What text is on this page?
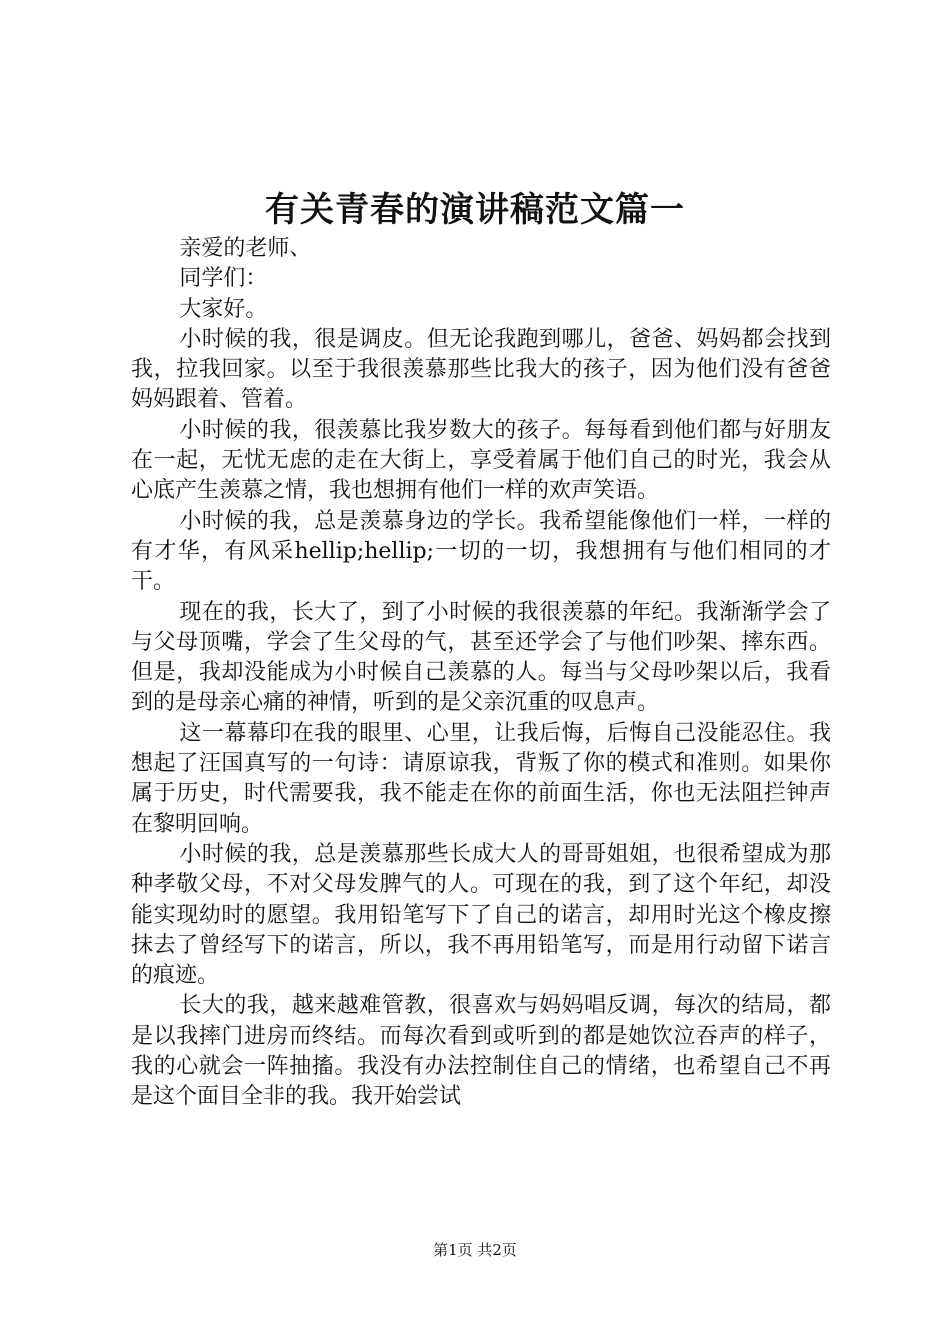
有关青春的演讲稿范文篇一

亲爱的老师、

同学们：

大家好。

小时候的我，很是调皮。但无论我跑到哪儿，爸爸、妈妈都会找到我，拉我回家。以至于我很羡慕那些比我大的孩子，因为他们没有爸爸妈妈跟着、管着。

小时候的我，很羡慕比我岁数大的孩子。每每看到他们都与好朋友在一起，无忧无虑的走在大街上，享受着属于他们自己的时光，我会从心底产生羡慕之情，我也想拥有他们一样的欢声笑语。

小时候的我，总是羡慕身边的学长。我希望能像他们一样，一样的有才华，有风采hellip;hellip;一切的一切，我想拥有与他们相同的才干。

现在的我，长大了，到了小时候的我很羡慕的年纪。我渐渐学会了与父母顶嘴，学会了生父母的气，甚至还学会了与他们吵架、摔东西。但是，我却没能成为小时候自己羡慕的人。每当与父母吵架以后，我看到的是母亲心痛的神情，听到的是父亲沉重的叹息声。

这一幕幕印在我的眼里、心里，让我后悔，后悔自己没能忍住。我想起了汪国真写的一句诗：请原谅我，背叛了你的模式和准则。如果你属于历史，时代需要我，我不能走在你的前面生活，你也无法阻拦钟声在黎明回响。

小时候的我，总是羡慕那些长成大人的哥哥姐姐，也很希望成为那种孝敬父母，不对父母发脾气的人。可现在的我，到了这个年纪，却没能实现幼时的愿望。我用铅笔写下了自己的诺言，却用时光这个橡皮擦抹去了曾经写下的诺言，所以，我不再用铅笔写，而是用行动留下诺言的痕迹。

长大的我，越来越难管教，很喜欢与妈妈唱反调，每次的结局，都是以我摔门进房而终结。而每次看到或听到的都是她饮泣吞声的样子，我的心就会一阵抽搐。我没有办法控制住自己的情绪，也希望自己不再是这个面目全非的我。我开始尝试

第1页 共2页
